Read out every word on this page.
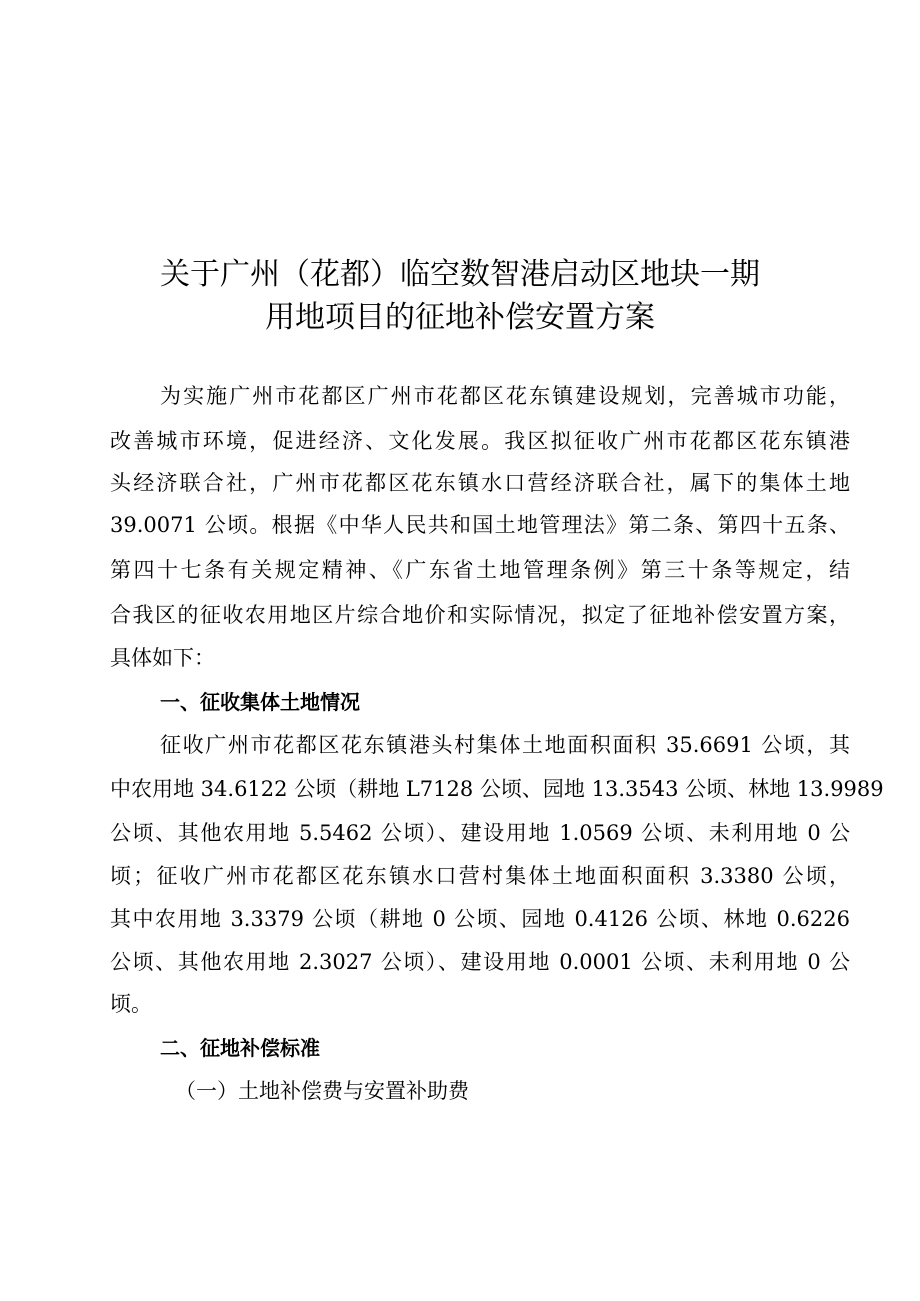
关于广州（花都）临空数智港启动区地块一期
用地项目的征地补偿安置方案
为实施广州市花都区广州市花都区花东镇建设规划，完善城市功能，
改善城市环境，促进经济、文化发展。我区拟征收广州市花都区花东镇港
头经济联合社，广州市花都区花东镇水口营经济联合社，属下的集体土地
39.0071 公顷。根据《中华人民共和国土地管理法》第二条、第四十五条、
第四十七条有关规定精神、《广东省土地管理条例》第三十条等规定，结
合我区的征收农用地区片综合地价和实际情况，拟定了征地补偿安置方案，
具体如下：
一、征收集体土地情况
征收广州市花都区花东镇港头村集体土地面积面积 35.6691 公顷，其
中农用地 34.6122 公顷（耕地 L7128 公顷、园地 13.3543 公顷、林地 13.9989
公顷、其他农用地 5.5462 公顷）、建设用地 1.0569 公顷、未利用地 0 公
顷；征收广州市花都区花东镇水口营村集体土地面积面积 3.3380 公顷，
其中农用地 3.3379 公顷（耕地 0 公顷、园地 0.4126 公顷、林地 0.6226
公顷、其他农用地 2.3027 公顷）、建设用地 0.0001 公顷、未利用地 0 公
顷。
二、征地补偿标准
（一）土地补偿费与安置补助费
